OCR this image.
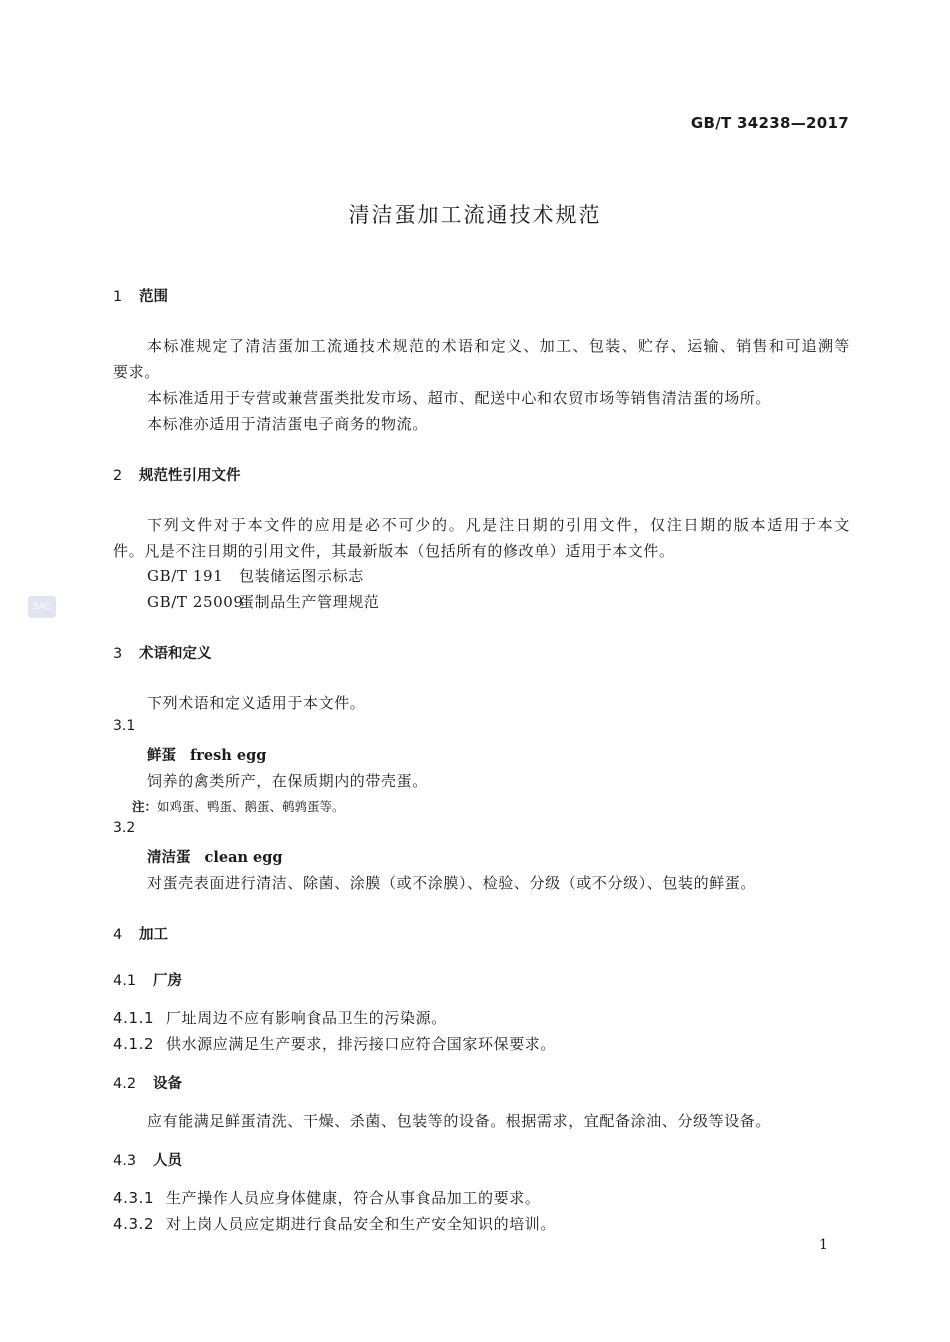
GB/T 34238—2017
清洁蛋加工流通技术规范
SAC
1 范围
本标准规定了清洁蛋加工流通技术规范的术语和定义、加工、包装、贮存、运输、销售和可追溯等
要求。
本标准适用于专营或兼营蛋类批发市场、超市、配送中心和农贸市场等销售清洁蛋的场所。
本标准亦适用于清洁蛋电子商务的物流。
2 规范性引用文件
下列文件对于本文件的应用是必不可少的。凡是注日期的引用文件，仅注日期的版本适用于本文
件。凡是不注日期的引用文件，其最新版本（包括所有的修改单）适用于本文件。
GB/T 191 包装储运图示标志
GB/T 25009蛋制品生产管理规范
3 术语和定义
下列术语和定义适用于本文件。
3.1
鲜蛋 fresh egg
饲养的禽类所产，在保质期内的带壳蛋。
注：如鸡蛋、鸭蛋、鹅蛋、鹌鹑蛋等。
3.2
清洁蛋 clean egg
对蛋壳表面进行清洁、除菌、涂膜（或不涂膜）、检验、分级（或不分级）、包装的鲜蛋。
4 加工
4.1 厂房
4.1.1 厂址周边不应有影响食品卫生的污染源。
4.1.2 供水源应满足生产要求，排污接口应符合国家环保要求。
4.2 设备
应有能满足鲜蛋清洗、干燥、杀菌、包装等的设备。根据需求，宜配备涂油、分级等设备。
4.3 人员
4.3.1 生产操作人员应身体健康，符合从事食品加工的要求。
4.3.2 对上岗人员应定期进行食品安全和生产安全知识的培训。
1
